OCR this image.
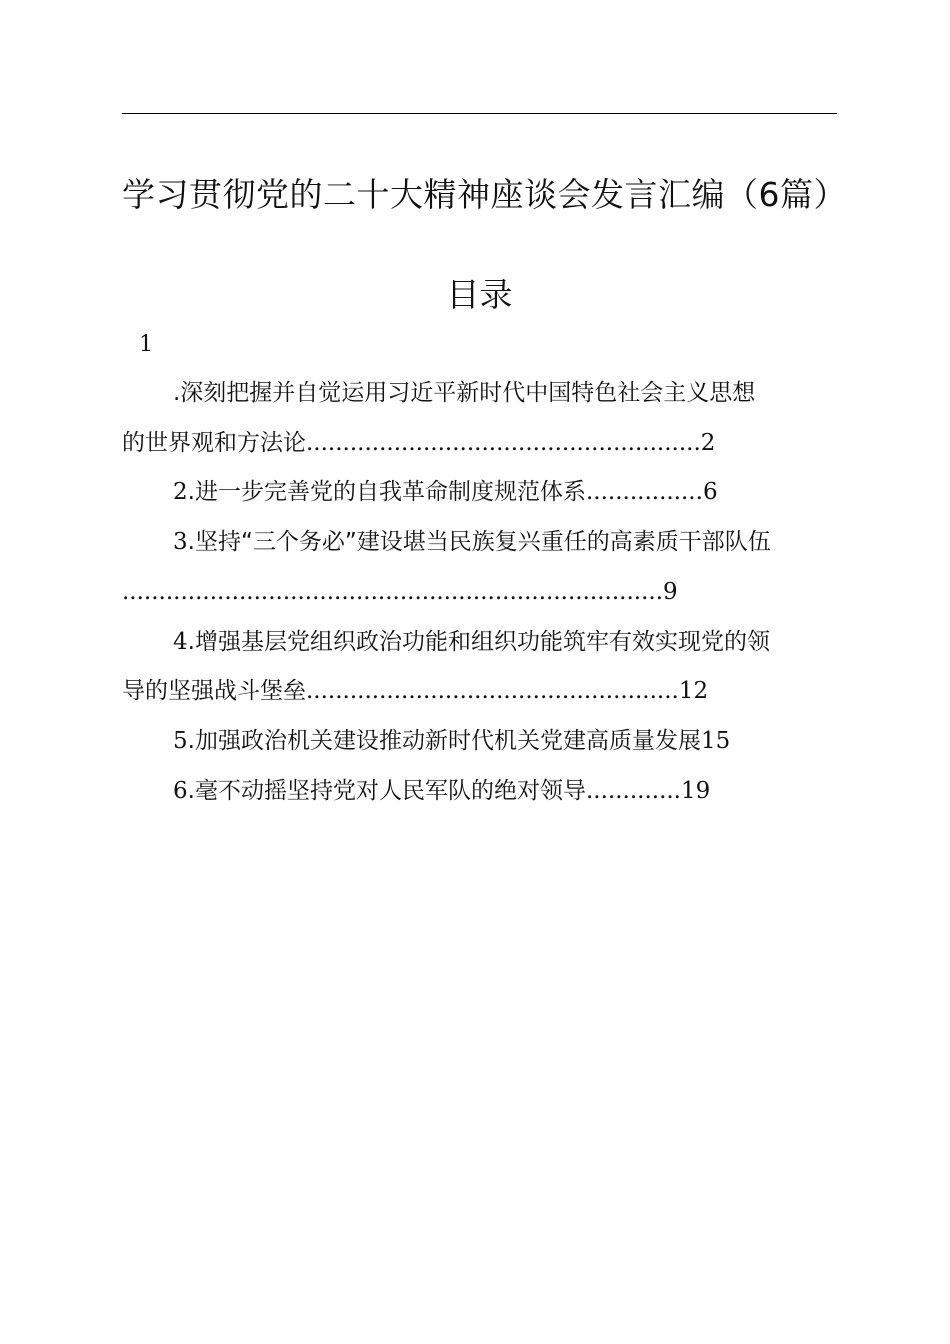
学习贯彻党的二十大精神座谈会发言汇编（6篇）
目录
1
.深刻把握并自觉运用习近平新时代中国特色社会主义思想
的世界观和方法论......................................................2
2.进一步完善党的自我革命制度规范体系................6
3.坚持“三个务必”建设堪当民族复兴重任的高素质干部队伍
..........................................................................9
4.增强基层党组织政治功能和组织功能筑牢有效实现党的领
导的坚强战斗堡垒...................................................12
5.加强政治机关建设推动新时代机关党建高质量发展15
6.毫不动摇坚持党对人民军队的绝对领导.............19
